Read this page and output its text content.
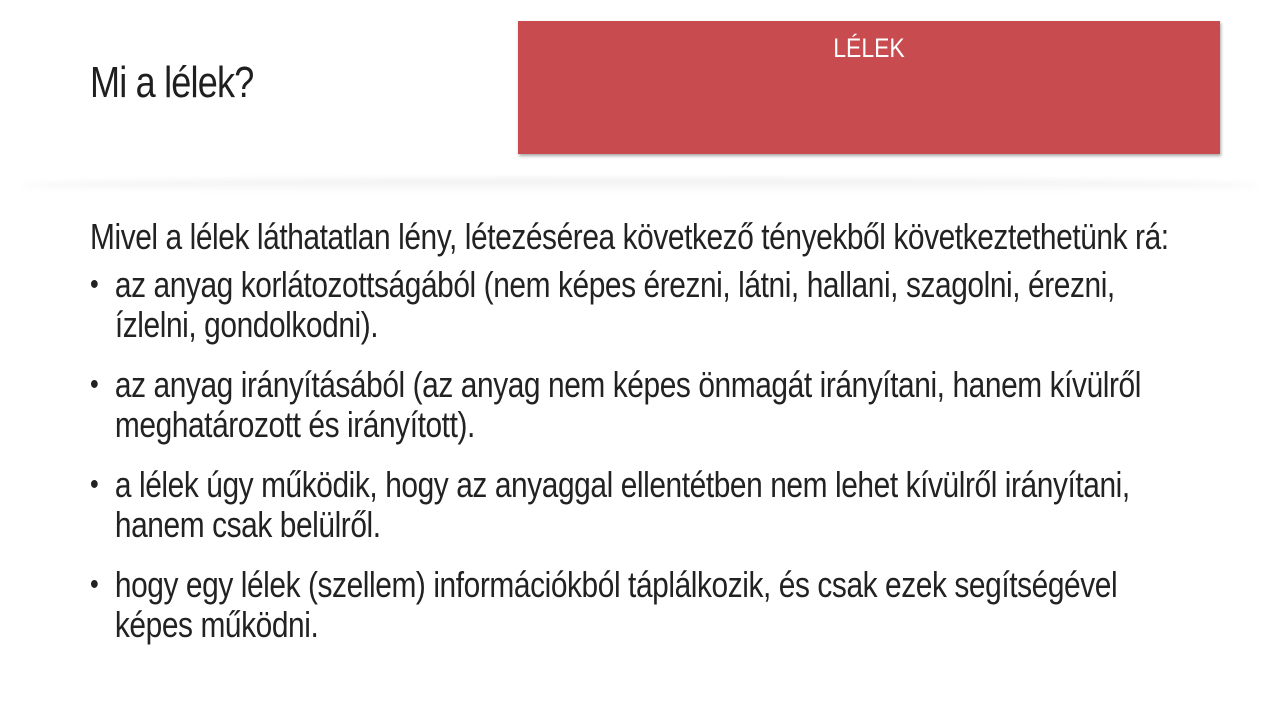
Mi a lélek?
LÉLEK

Mivel a lélek láthatatlan lény, létezésérea következő tényekből következtethetünk rá:

• az anyag korlátozottságából (nem képes érezni, látni, hallani, szagolni, érezni, ízlelni, gondolkodni).
• az anyag irányításából (az anyag nem képes önmagát irányítani, hanem kívülről meghatározott és irányított).
• a lélek úgy működik, hogy az anyaggal ellentétben nem lehet kívülről irányítani, hanem csak belülről.
• hogy egy lélek (szellem) információkból táplálkozik, és csak ezek segítségével képes működni.
